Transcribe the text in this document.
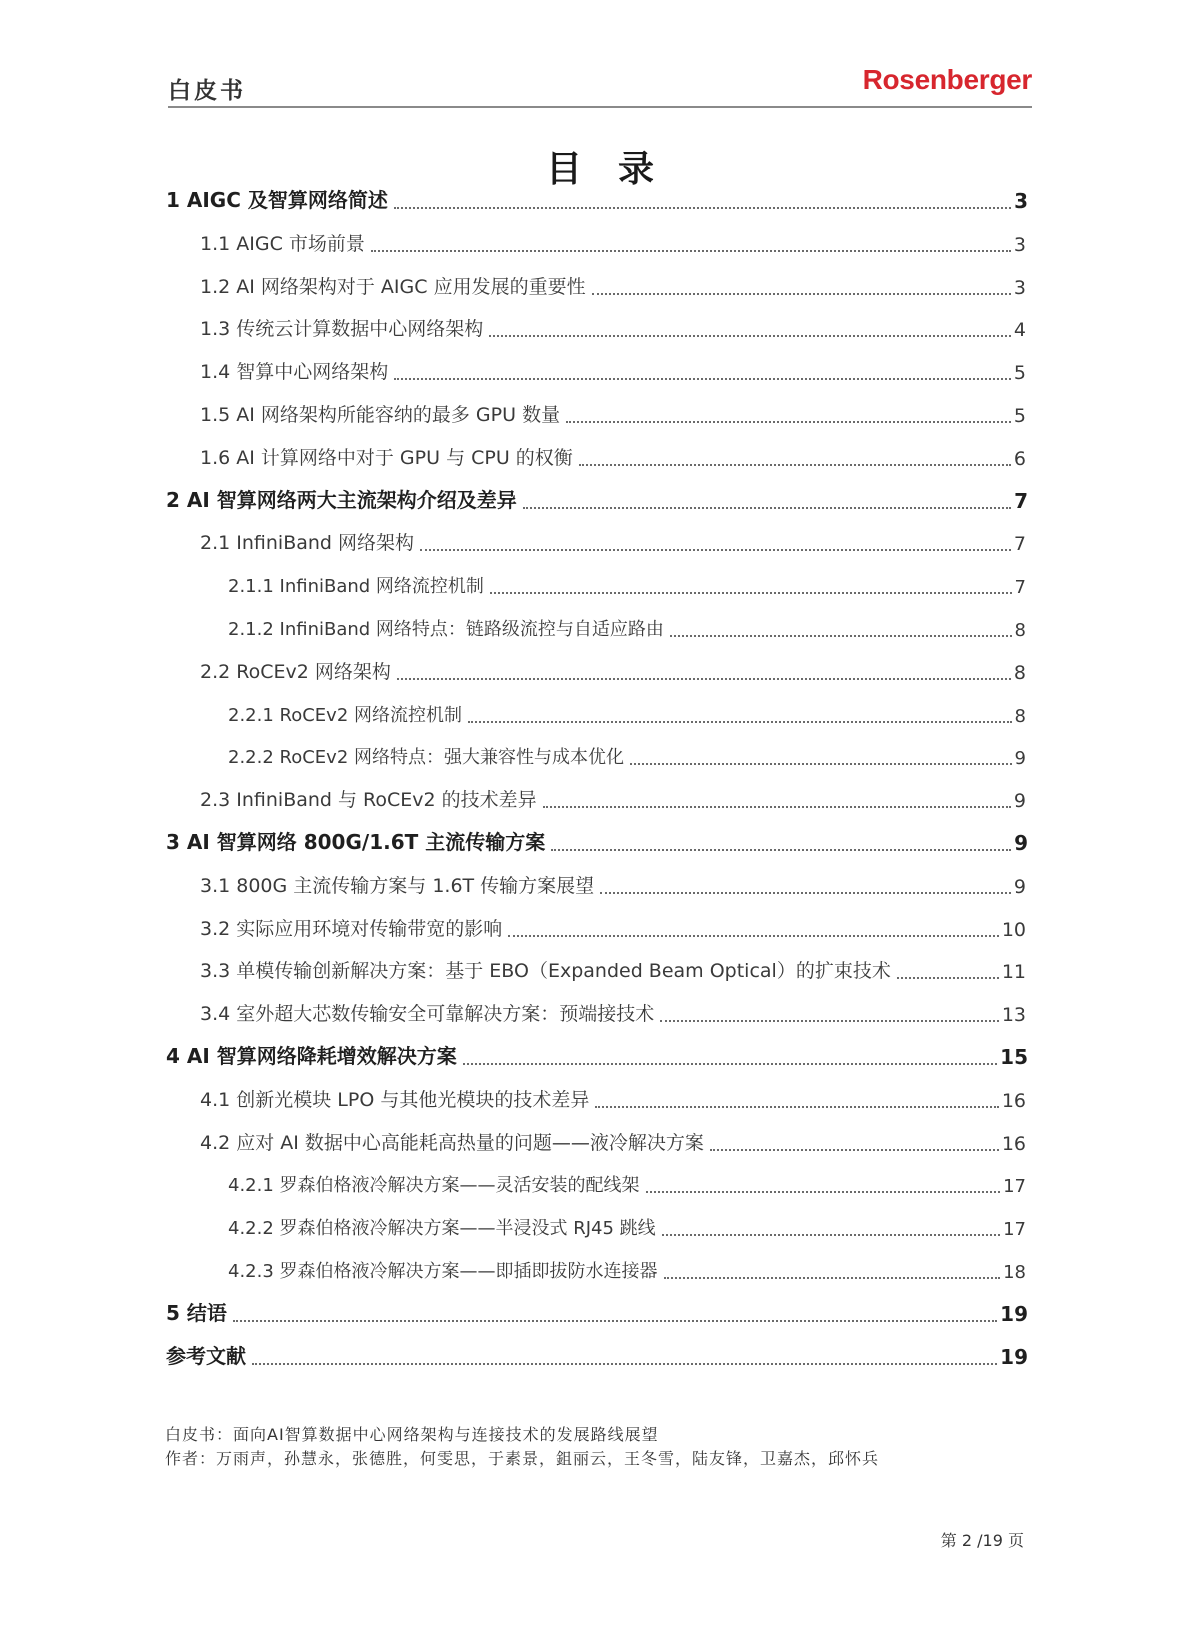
白皮书	Rosenberger
目录
1 AIGC 及智算网络简述	3
1.1 AIGC 市场前景	3
1.2 AI 网络架构对于 AIGC 应用发展的重要性	3
1.3 传统云计算数据中心网络架构	4
1.4 智算中心网络架构	5
1.5 AI 网络架构所能容纳的最多 GPU 数量	5
1.6 AI 计算网络中对于 GPU 与 CPU 的权衡	6
2 AI 智算网络两大主流架构介绍及差异	7
2.1 InfiniBand 网络架构	7
2.1.1 InfiniBand 网络流控机制	7
2.1.2 InfiniBand 网络特点：链路级流控与自适应路由	8
2.2 RoCEv2 网络架构	8
2.2.1 RoCEv2 网络流控机制	8
2.2.2 RoCEv2 网络特点：强大兼容性与成本优化	9
2.3 InfiniBand 与 RoCEv2 的技术差异	9
3 AI 智算网络 800G/1.6T 主流传输方案	9
3.1 800G 主流传输方案与 1.6T 传输方案展望	9
3.2 实际应用环境对传输带宽的影响	10
3.3 单模传输创新解决方案：基于 EBO（Expanded Beam Optical）的扩束技术	11
3.4 室外超大芯数传输安全可靠解决方案：预端接技术	13
4 AI 智算网络降耗增效解决方案	15
4.1 创新光模块 LPO 与其他光模块的技术差异	16
4.2 应对 AI 数据中心高能耗高热量的问题——液冷解决方案	16
4.2.1 罗森伯格液冷解决方案——灵活安装的配线架	17
4.2.2 罗森伯格液冷解决方案——半浸没式 RJ45 跳线	17
4.2.3 罗森伯格液冷解决方案——即插即拔防水连接器	18
5 结语	19
参考文献	19
白皮书：面向AI智算数据中心网络架构与连接技术的发展路线展望
作者：万雨声，孙慧永，张德胜，何雯思，于素景，鉏丽云，王冬雪，陆友锋，卫嘉杰，邱怀兵
第 2 /19 页
